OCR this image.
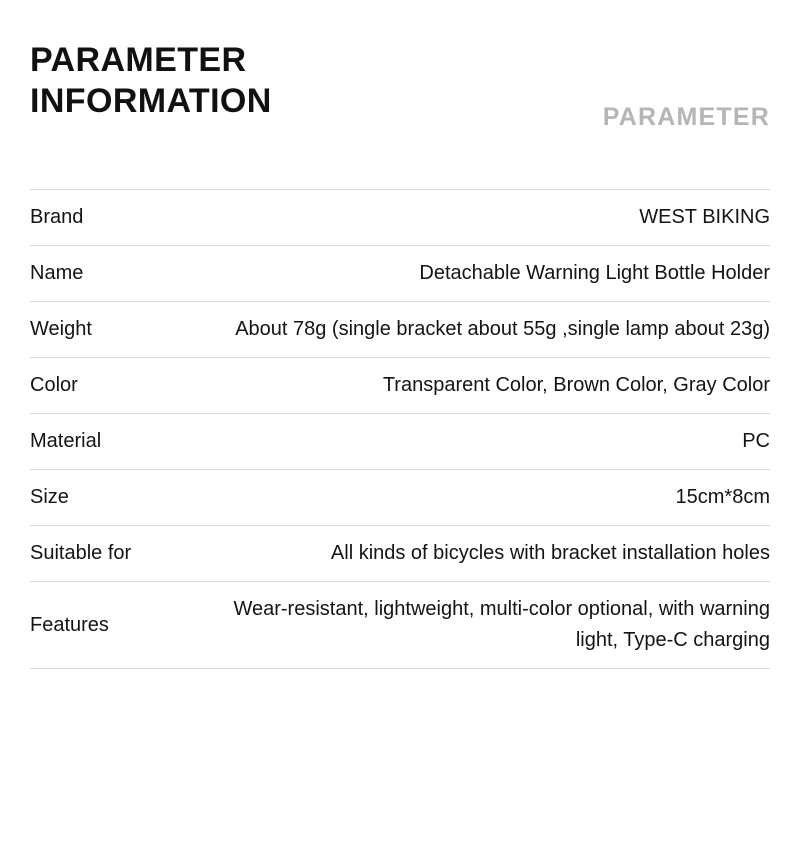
PARAMETER
INFORMATION	PARAMETER
Brand	WEST BIKING
Name	Detachable Warning Light Bottle Holder
Weight	About 78g (single bracket about 55g ,single lamp about 23g)
Color	Transparent Color, Brown Color, Gray Color
Material	PC
Size	15cm*8cm
Suitable for	All kinds of bicycles with bracket installation holes
Features	Wear-resistant, lightweight, multi-color optional, with warning light, Type-C charging
